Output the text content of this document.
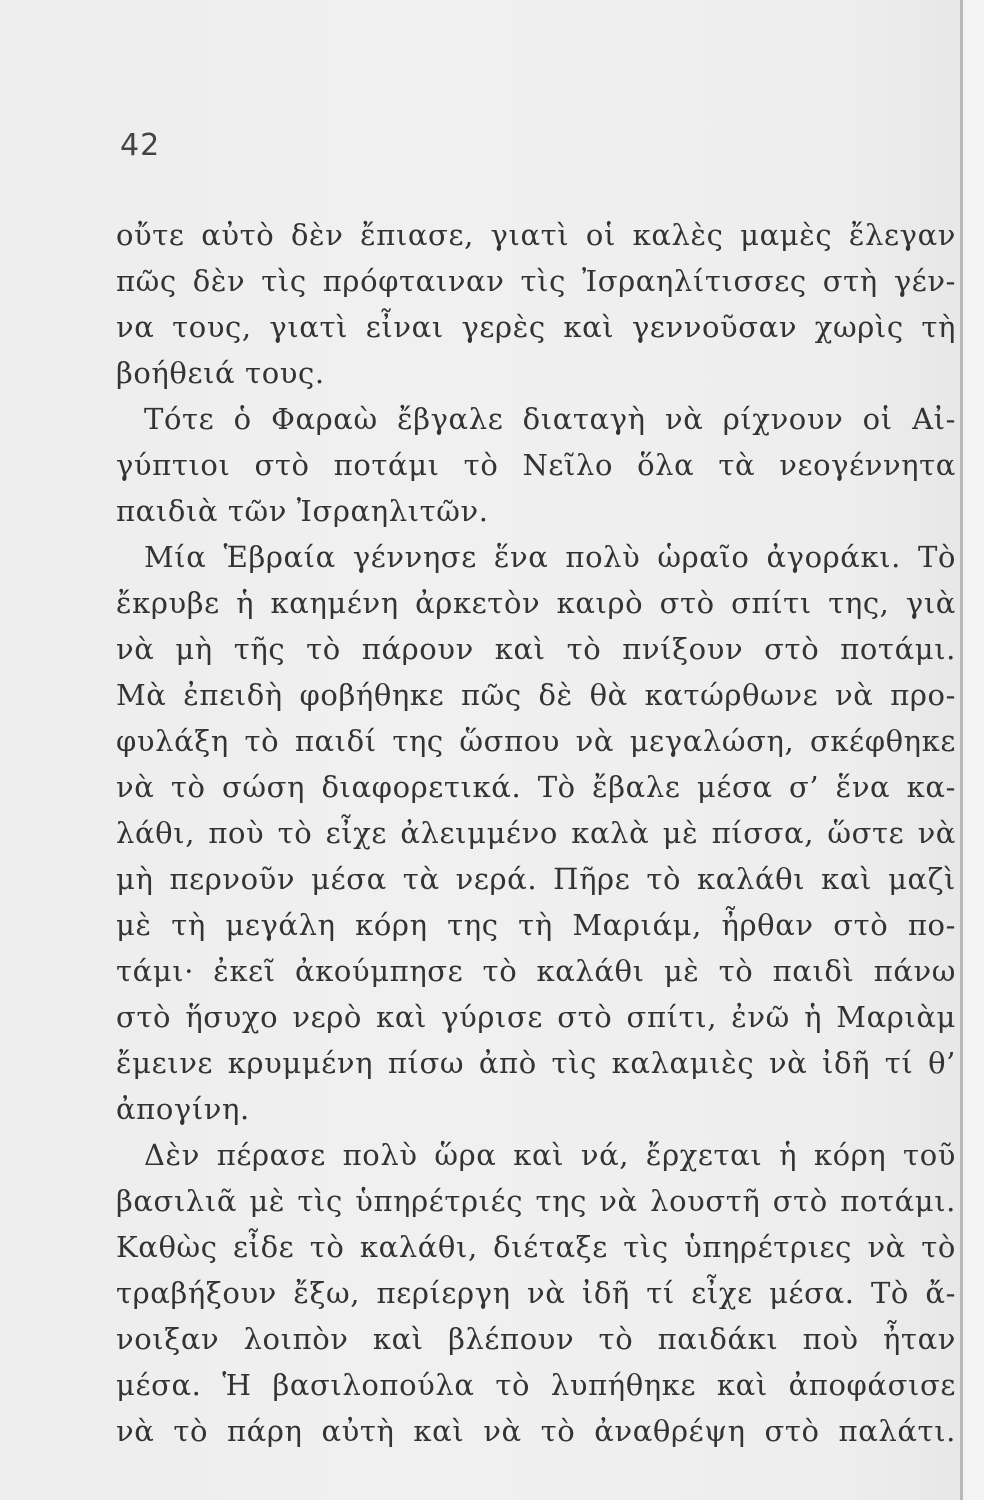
42
οὔτε αὐτὸ δὲν ἔπιασε, γιατὶ οἱ καλὲς μαμὲς ἔλεγαν
πῶς δὲν τὶς πρόφταιναν τὶς Ἰσραηλίτισσες στὴ γέν-
να τους, γιατὶ εἶναι γερὲς καὶ γεννοῦσαν χωρὶς τὴ
βοήθειά τους.
Τότε ὁ Φαραὼ ἔβγαλε διαταγὴ νὰ ρίχνουν οἱ Αἰ-
γύπτιοι στὸ ποτάμι τὸ Νεῖλο ὅλα τὰ νεογέννητα
παιδιὰ τῶν Ἰσραηλιτῶν.
Μία Ἑβραία γέννησε ἕνα πολὺ ὡραῖο ἀγοράκι. Τὸ
ἔκρυβε ἡ καημένη ἀρκετὸν καιρὸ στὸ σπίτι της, γιὰ
νὰ μὴ τῆς τὸ πάρουν καὶ τὸ πνίξουν στὸ ποτάμι.
Μὰ ἐπειδὴ φοβήθηκε πῶς δὲ θὰ κατώρθωνε νὰ προ-
φυλάξη τὸ παιδί της ὥσπου νὰ μεγαλώση, σκέφθηκε
νὰ τὸ σώση διαφορετικά. Τὸ ἔβαλε μέσα σ’ ἕνα κα-
λάθι, ποὺ τὸ εἶχε ἀλειμμένο καλὰ μὲ πίσσα, ὥστε νὰ
μὴ περνοῦν μέσα τὰ νερά. Πῆρε τὸ καλάθι καὶ μαζὶ
μὲ τὴ μεγάλη κόρη της τὴ Μαριάμ, ἦρθαν στὸ πο-
τάμι· ἐκεῖ ἀκούμπησε τὸ καλάθι μὲ τὸ παιδὶ πάνω
στὸ ἥσυχο νερὸ καὶ γύρισε στὸ σπίτι, ἐνῶ ἡ Μαριὰμ
ἔμεινε κρυμμένη πίσω ἀπὸ τὶς καλαμιὲς νὰ ἰδῆ τί θ’
ἀπογίνη.
Δὲν πέρασε πολὺ ὥρα καὶ νά, ἔρχεται ἡ κόρη τοῦ
βασιλιᾶ μὲ τὶς ὑπηρέτριές της νὰ λουστῆ στὸ ποτάμι.
Καθὼς εἶδε τὸ καλάθι, διέταξε τὶς ὑπηρέτριες νὰ τὸ
τραβήξουν ἔξω, περίεργη νὰ ἰδῆ τί εἶχε μέσα. Τὸ ἄ-
νοιξαν λοιπὸν καὶ βλέπουν τὸ παιδάκι ποὺ ἦταν
μέσα. Ἡ βασιλοπούλα τὸ λυπήθηκε καὶ ἀποφάσισε
νὰ τὸ πάρη αὐτὴ καὶ νὰ τὸ ἀναθρέψη στὸ παλάτι.
